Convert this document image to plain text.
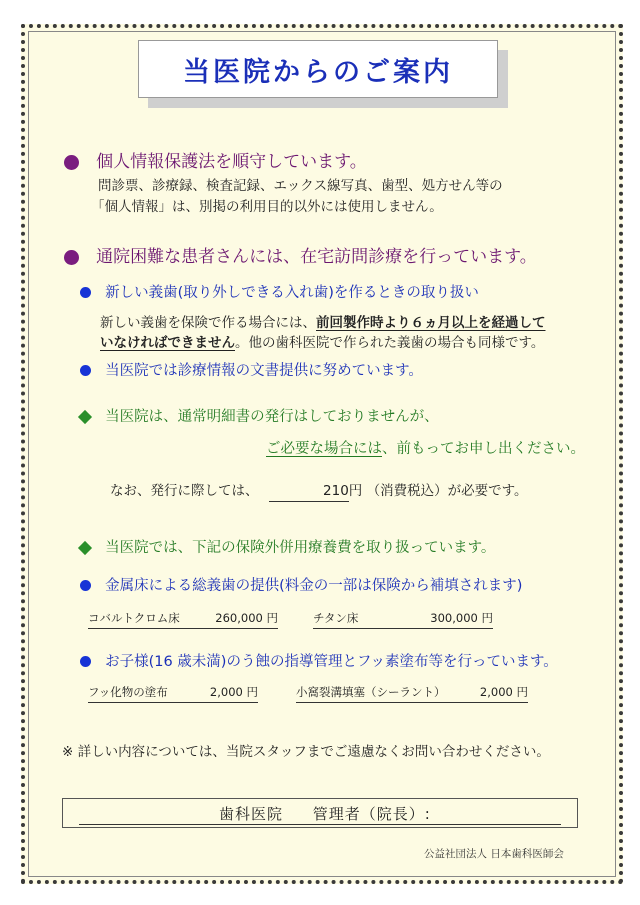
当医院からのご案内
個人情報保護法を順守しています。
問診票、診療録、検査記録、エックス線写真、歯型、処方せん等の
「個人情報」は、別掲の利用目的以外には使用しません。
通院困難な患者さんには、在宅訪問診療を行っています。
新しい義歯(取り外しできる入れ歯)を作るときの取り扱い
新しい義歯を保険で作る場合には、前回製作時より６ヵ月以上を経過して
いなければできません。他の歯科医院で作られた義歯の場合も同様です。
当医院では診療情報の文書提供に努めています。
当医院は、通常明細書の発行はしておりませんが、
ご必要な場合には、前もってお申し出ください。
なお、発行に際しては、	210円 （消費税込）が必要です。
当医院では、下記の保険外併用療養費を取り扱っています。
金属床による総義歯の提供(料金の一部は保険から補填されます)
コバルトクロム床	260,000 円	チタン床	300,000 円
お子様(16 歳未満)のう蝕の指導管理とフッ素塗布等を行っています。
フッ化物の塗布	2,000 円	小窩裂溝填塞（シーラント）	2,000 円
※ 詳しい内容については、当院スタッフまでご遠慮なくお問い合わせください。
歯科医院 管理者（院長）:
公益社団法人 日本歯科医師会
